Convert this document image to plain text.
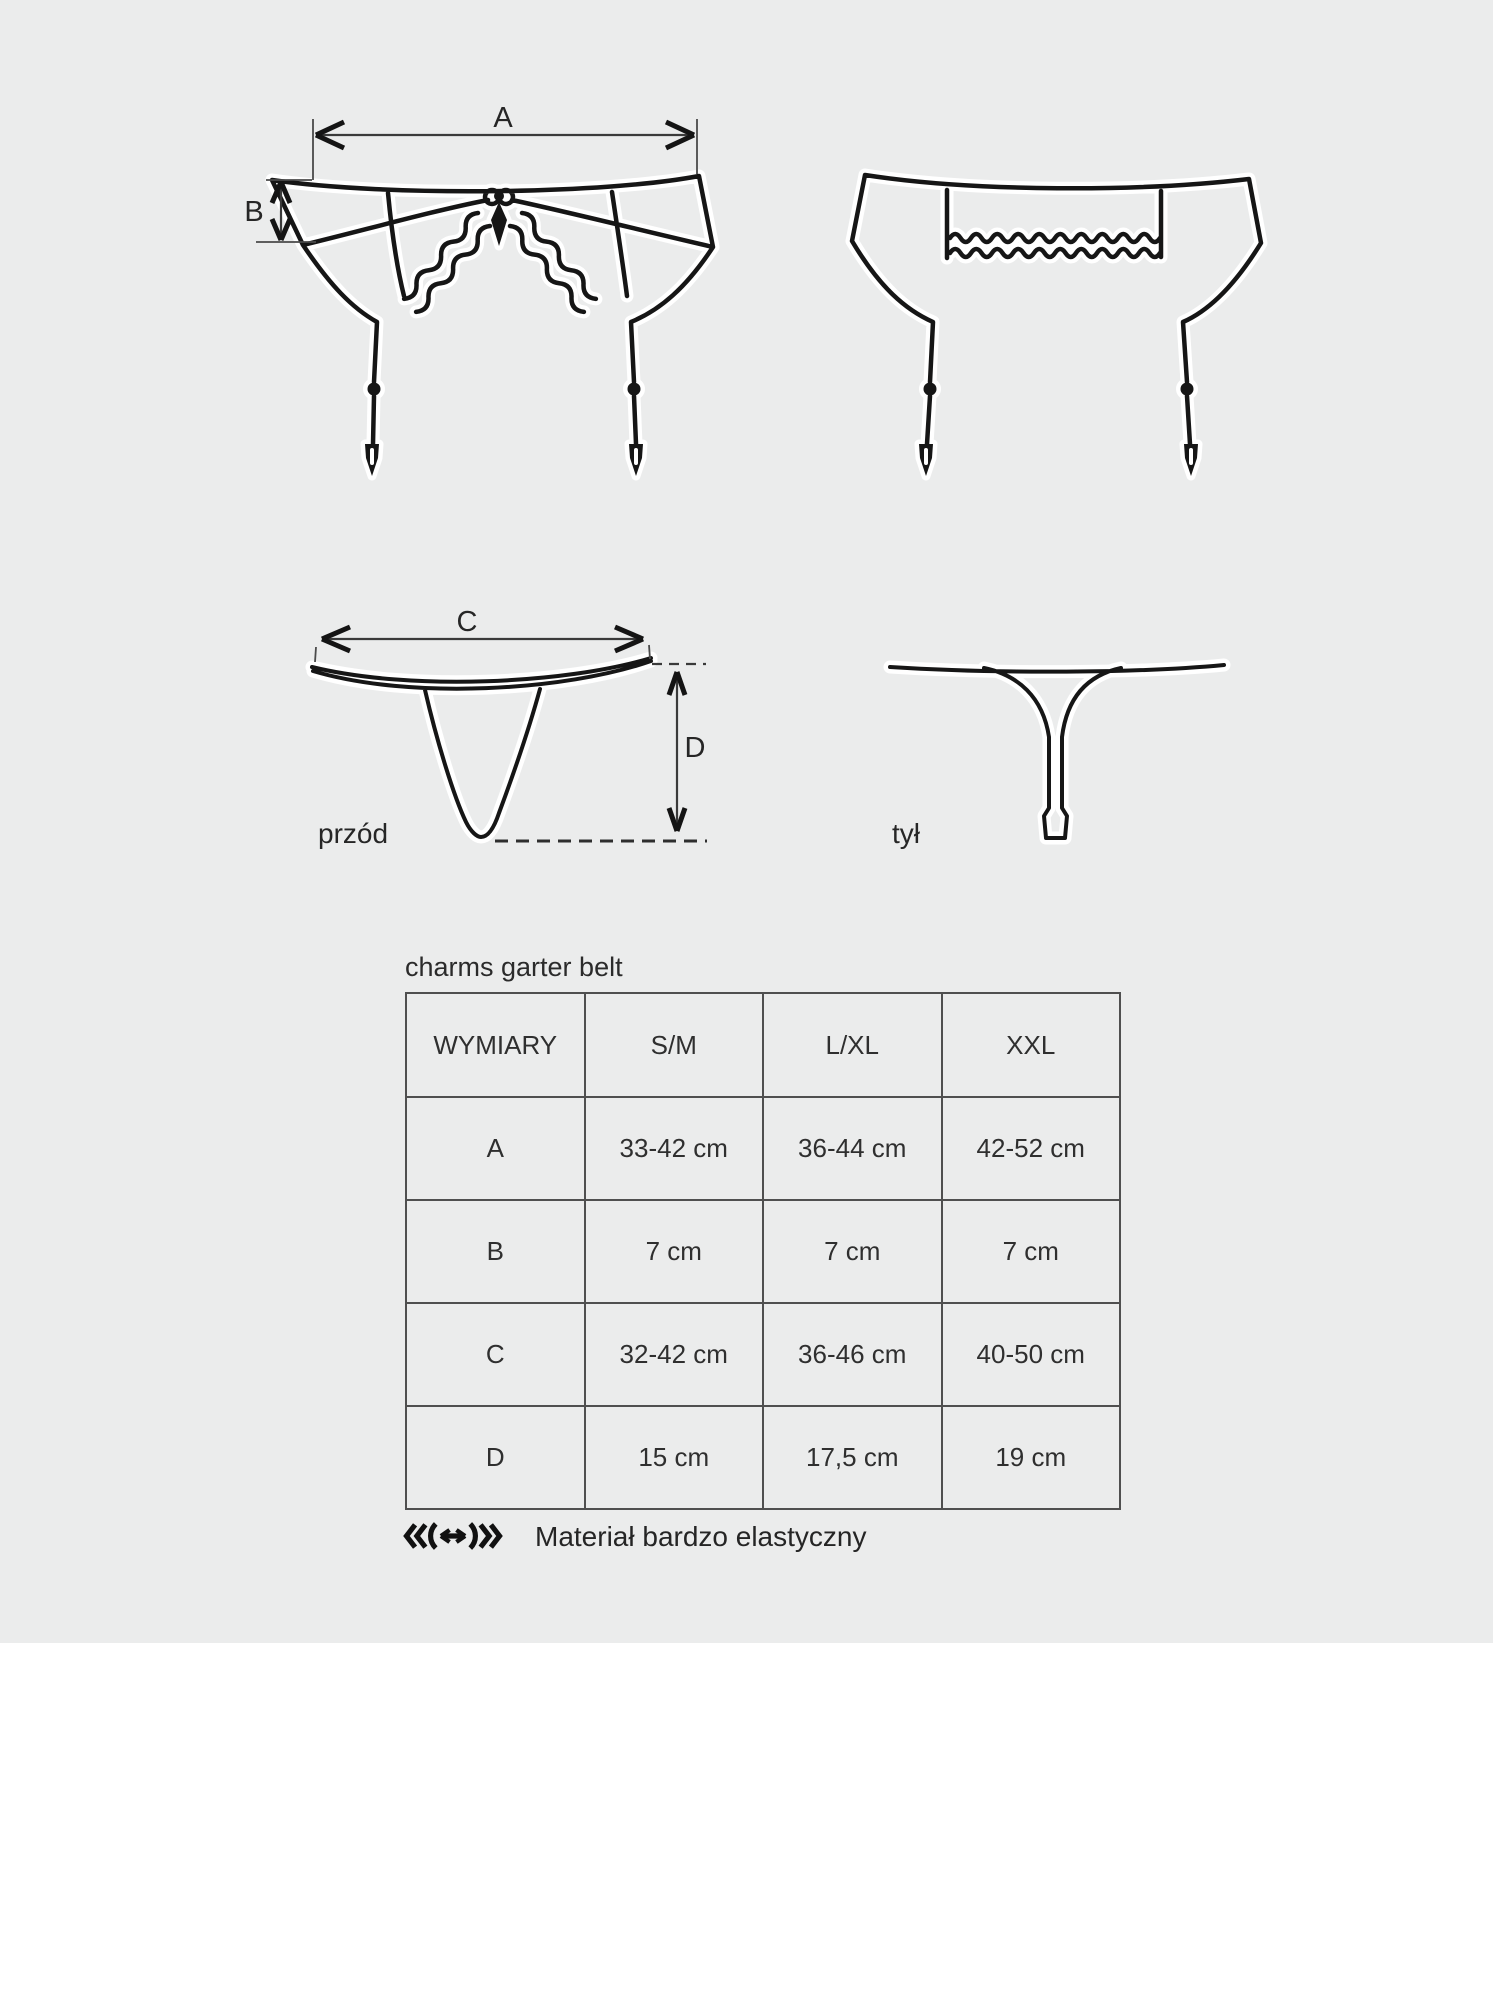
A
B
C
D
przód	tył
charms garter belt
WYMIARY	S/M	L/XL	XXL
A	33-42 cm	36-44 cm	42-52 cm
B	7 cm	7 cm	7 cm
C	32-42 cm	36-46 cm	40-50 cm
D	15 cm	17,5 cm	19 cm
Materiał bardzo elastyczny
